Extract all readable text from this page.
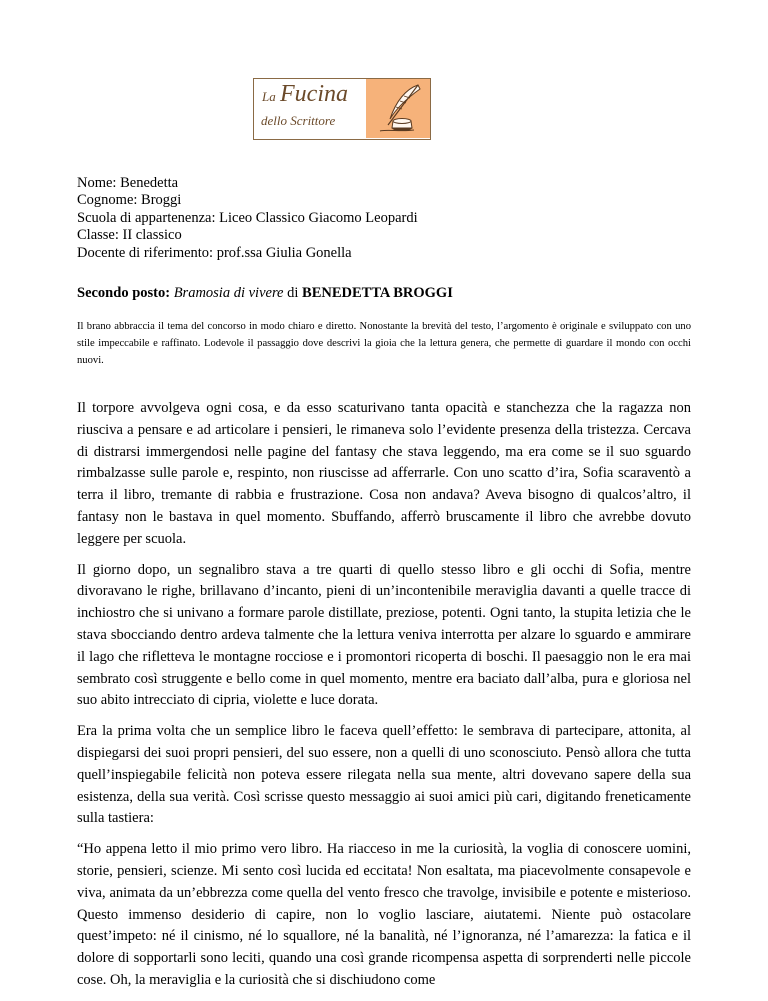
La Fucina
dello Scrittore
Nome: Benedetta
Cognome: Broggi
Scuola di appartenenza: Liceo Classico Giacomo Leopardi
Classe: II classico
Docente di riferimento: prof.ssa Giulia Gonella
Secondo posto: Bramosia di vivere di BENEDETTA BROGGI
Il brano abbraccia il tema del concorso in modo chiaro e diretto. Nonostante la brevità del testo, l’argomento è originale e sviluppato con uno stile impeccabile e raffinato. Lodevole il passaggio dove descrivi la gioia che la lettura genera, che permette di guardare il mondo con occhi nuovi.

Il torpore avvolgeva ogni cosa, e da esso scaturivano tanta opacità e stanchezza che la ragazza non riusciva a pensare e ad articolare i pensieri, le rimaneva solo l’evidente presenza della tristezza. Cercava di distrarsi immergendosi nelle pagine del fantasy che stava leggendo, ma era come se il suo sguardo rimbalzasse sulle parole e, respinto, non riuscisse ad afferrarle. Con uno scatto d’ira, Sofia scaraventò a terra il libro, tremante di rabbia e frustrazione. Cosa non andava? Aveva bisogno di qualcos’altro, il fantasy non le bastava in quel momento. Sbuffando, afferrò bruscamente il libro che avrebbe dovuto leggere per scuola.

Il giorno dopo, un segnalibro stava a tre quarti di quello stesso libro e gli occhi di Sofia, mentre divoravano le righe, brillavano d’incanto, pieni di un’incontenibile meraviglia davanti a quelle tracce di inchiostro che si univano a formare parole distillate, preziose, potenti. Ogni tanto, la stupita letizia che le stava sbocciando dentro ardeva talmente che la lettura veniva interrotta per alzare lo sguardo e ammirare il lago che rifletteva le montagne rocciose e i promontori ricoperta di boschi. Il paesaggio non le era mai sembrato così struggente e bello come in quel momento, mentre era baciato dall’alba, pura e gloriosa nel suo abito intrecciato di cipria, violette e luce dorata.

Era la prima volta che un semplice libro le faceva quell’effetto: le sembrava di partecipare, attonita, al dispiegarsi dei suoi propri pensieri, del suo essere, non a quelli di uno sconosciuto. Pensò allora che tutta quell’inspiegabile felicità non poteva essere rilegata nella sua mente, altri dovevano sapere della sua esistenza, della sua verità. Così scrisse questo messaggio ai suoi amici più cari, digitando freneticamente sulla tastiera:

“Ho appena letto il mio primo vero libro. Ha riacceso in me la curiosità, la voglia di conoscere uomini, storie, pensieri, scienze. Mi sento così lucida ed eccitata! Non esaltata, ma piacevolmente consapevole e viva, animata da un’ebbrezza come quella del vento fresco che travolge, invisibile e potente e misterioso. Questo immenso desiderio di capire, non lo voglio lasciare, aiutatemi. Niente può ostacolare quest’impeto: né il cinismo, né lo squallore, né la banalità, né l’ignoranza, né l’amarezza: la fatica e il dolore di sopportarli sono leciti, quando una così grande ricompensa aspetta di sorprenderti nelle piccole cose. Oh, la meraviglia e la curiosità che si dischiudono come
